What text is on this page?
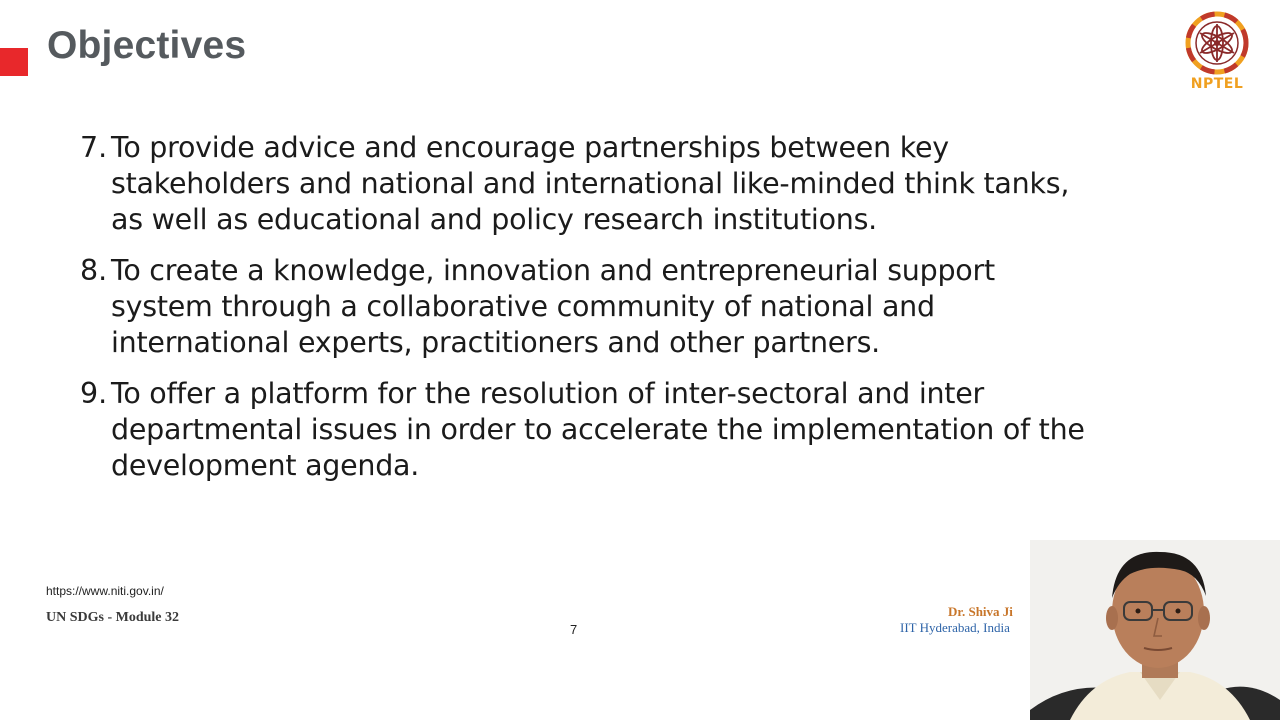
Objectives
NPTEL
7. To provide advice and encourage partnerships between key stakeholders and national and international like-minded think tanks, as well as educational and policy research institutions.
8. To create a knowledge, innovation and entrepreneurial support system through a collaborative community of national and international experts, practitioners and other partners.
9. To offer a platform for the resolution of inter-sectoral and inter departmental issues in order to accelerate the implementation of the development agenda.
https://www.niti.gov.in/
UN SDGs - Module 32
7
Dr. Shiva Ji
IIT Hyderabad, India
